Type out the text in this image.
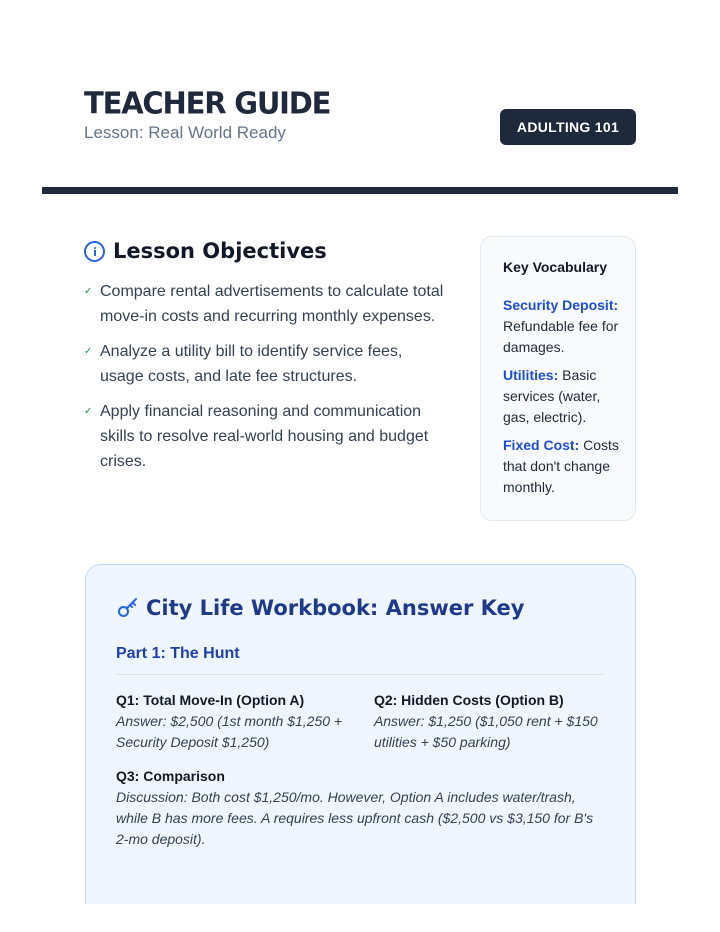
TEACHER GUIDE
Lesson: Real World Ready	ADULTING 101
Lesson Objectives
✓ Compare rental advertisements to calculate total move-in costs and recurring monthly expenses.
✓ Analyze a utility bill to identify service fees, usage costs, and late fee structures.
✓ Apply financial reasoning and communication skills to resolve real-world housing and budget crises.
Key Vocabulary

Security Deposit: Refundable fee for damages.

Utilities: Basic services (water, gas, electric).

Fixed Cost: Costs that don't change monthly.

City Life Workbook: Answer Key
Part 1: The Hunt
Q1: Total Move-In (Option A)
Answer: $2,500 (1st month $1,250 + Security Deposit $1,250)
Q2: Hidden Costs (Option B)
Answer: $1,250 ($1,050 rent + $150 utilities + $50 parking)
Q3: Comparison
Discussion: Both cost $1,250/mo. However, Option A includes water/trash, while B has more fees. A requires less upfront cash ($2,500 vs $3,150 for B's 2-mo deposit).
